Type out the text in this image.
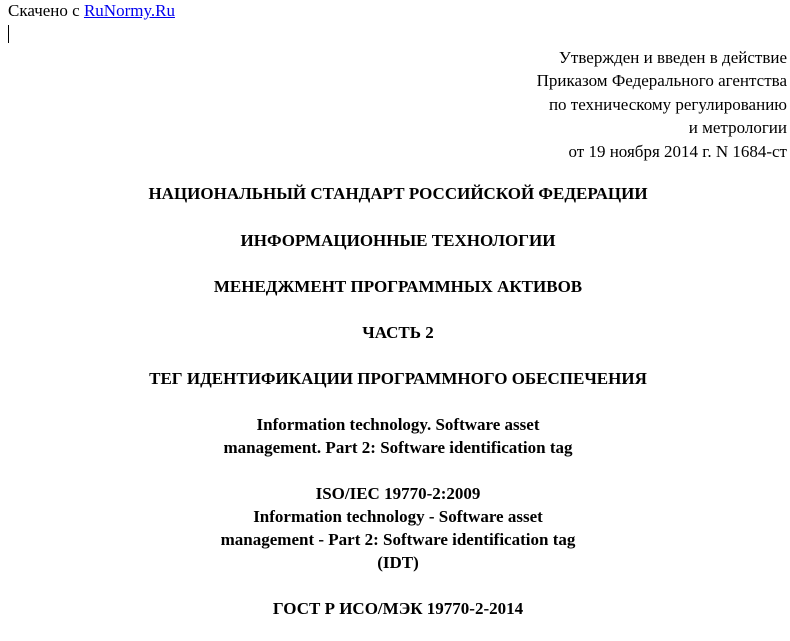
Скачено с RuNormy.Ru
Утвержден и введен в действие
Приказом Федерального агентства
по техническому регулированию
и метрологии
от 19 ноября 2014 г. N 1684-ст
НАЦИОНАЛЬНЫЙ СТАНДАРТ РОССИЙСКОЙ ФЕДЕРАЦИИ
ИНФОРМАЦИОННЫЕ ТЕХНОЛОГИИ
МЕНЕДЖМЕНТ ПРОГРАММНЫХ АКТИВОВ
ЧАСТЬ 2
ТЕГ ИДЕНТИФИКАЦИИ ПРОГРАММНОГО ОБЕСПЕЧЕНИЯ
Information technology. Software asset
management. Part 2: Software identification tag
ISO/IEC 19770-2:2009
Information technology - Software asset
management - Part 2: Software identification tag
(IDT)
ГОСТ Р ИСО/МЭК 19770-2-2014
